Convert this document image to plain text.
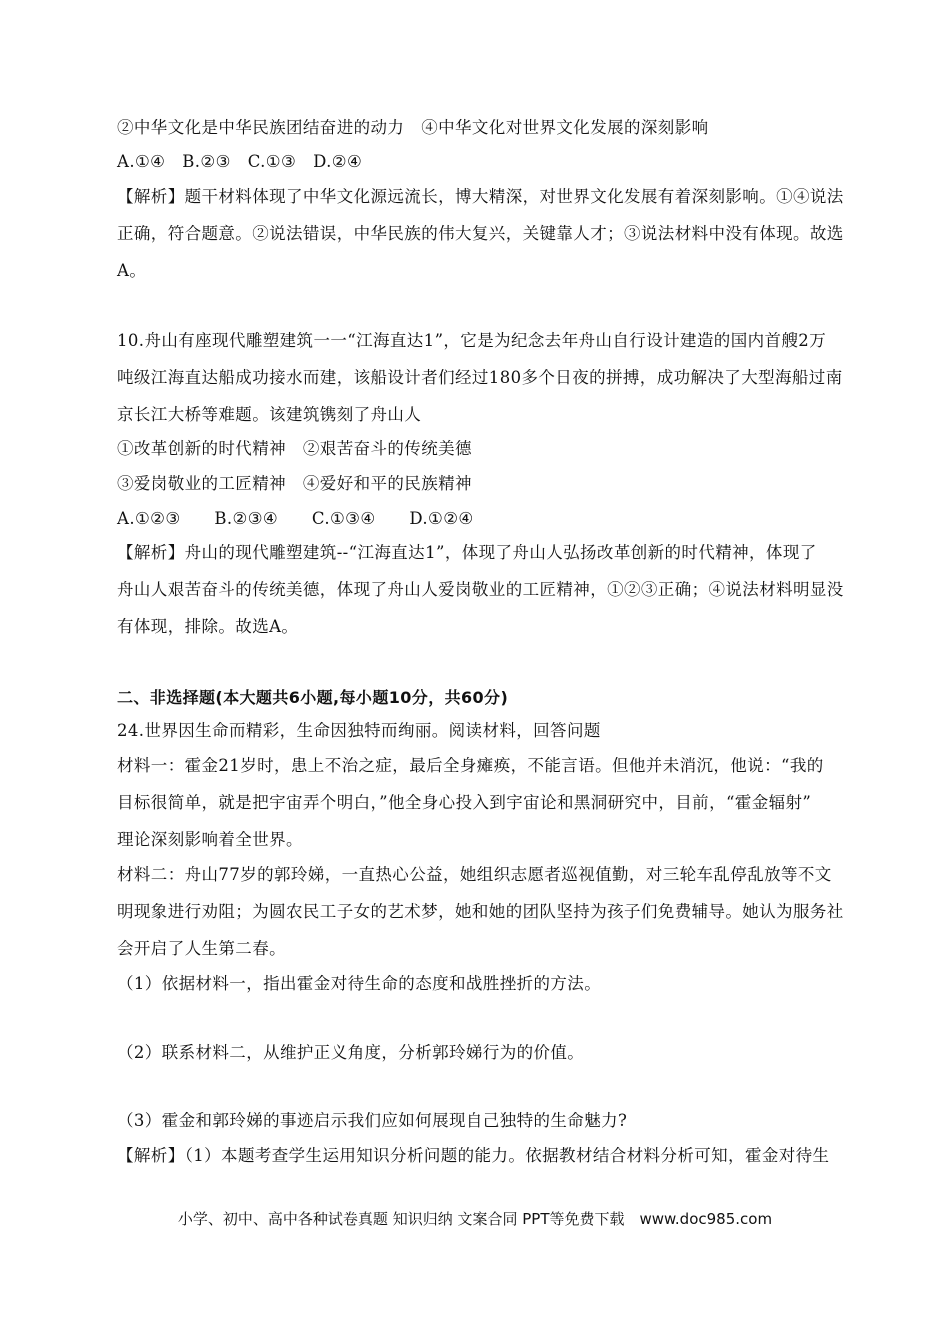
②中华文化是中华民族团结奋进的动力　④中华文化对世界文化发展的深刻影响
A.①④　B.②③　C.①③　D.②④
【解析】题干材料体现了中华文化源远流长，博大精深，对世界文化发展有着深刻影响。①④说法
正确，符合题意。②说法错误，中华民族的伟大复兴，关键靠人才；③说法材料中没有体现。故选
A。
10.舟山有座现代雕塑建筑一一“江海直达1”，它是为纪念去年舟山自行设计建造的国内首艘2万
吨级江海直达船成功接水而建，该船设计者们经过180多个日夜的拼搏，成功解决了大型海船过南
京长江大桥等难题。该建筑镌刻了舟山人
①改革创新的时代精神　②艰苦奋斗的传统美德
③爱岗敬业的工匠精神　④爱好和平的民族精神
A.①②③　　B.②③④　　C.①③④　　D.①②④
【解析】舟山的现代雕塑建筑--“江海直达1”，体现了舟山人弘扬改革创新的时代精神，体现了
舟山人艰苦奋斗的传统美德，体现了舟山人爱岗敬业的工匠精神，①②③正确；④说法材料明显没
有体现，排除。故选A。
二、非选择题(本大题共6小题,每小题10分，共60分)
24.世界因生命而精彩，生命因独特而绚丽。阅读材料，回答问题
材料一：霍金21岁时，患上不治之症，最后全身瘫痪，不能言语。但他并未消沉，他说：“我的
目标很简单，就是把宇宙弄个明白，”他全身心投入到宇宙论和黑洞研究中，目前，“霍金辐射”
理论深刻影响着全世界。
材料二：舟山77岁的郭玲娣，一直热心公益，她组织志愿者巡视值勤，对三轮车乱停乱放等不文
明现象进行劝阻；为圆农民工子女的艺术梦，她和她的团队坚持为孩子们免费辅导。她认为服务社
会开启了人生第二春。
（1）依据材料一，指出霍金对待生命的态度和战胜挫折的方法。
（2）联系材料二，从维护正义角度，分析郭玲娣行为的价值。
（3）霍金和郭玲娣的事迹启示我们应如何展现自己独特的生命魅力?
【解析】（1）本题考查学生运用知识分析问题的能力。依据教材结合材料分析可知，霍金对待生
小学、初中、高中各种试卷真题 知识归纳 文案合同 PPT等免费下载　www.doc985.com
